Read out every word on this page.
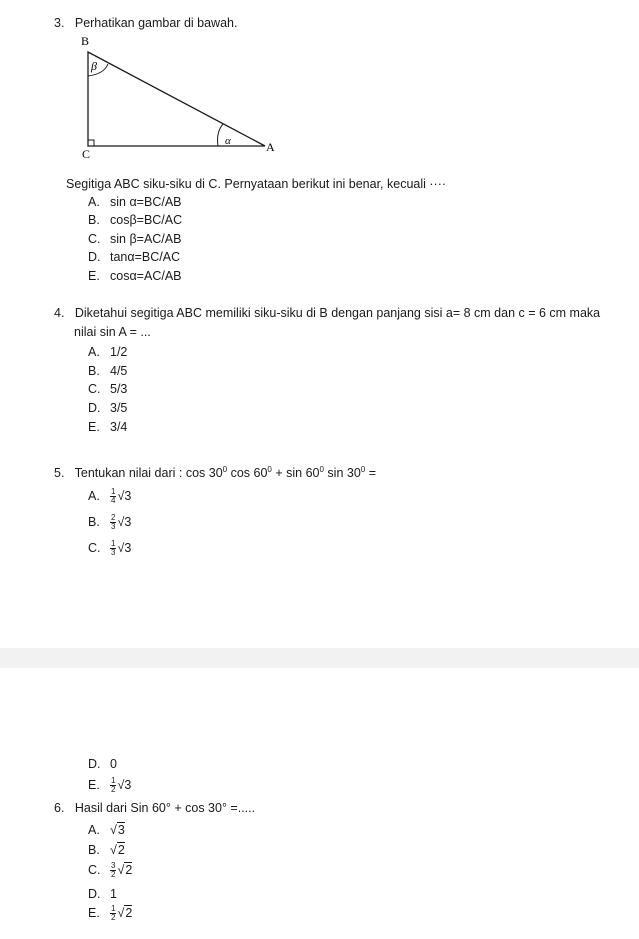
3. Perhatikan gambar di bawah.
B
C	A
β
α
Segitiga ABC siku-siku di C. Pernyataan berikut ini benar, kecuali ····
A. sin α=BC/AB
B. cosβ=BC/AC
C. sin β=AC/AB
D. tanα=BC/AC
E. cosα=AC/AB
4. Diketahui segitiga ABC memiliki siku-siku di B dengan panjang sisi a= 8 cm dan c = 6 cm maka
nilai sin A = ...
A. 1/2
B. 4/5
C. 5/3
D. 3/5
E. 3/4
5. Tentukan nilai dari : $\cos 30^0$ $\cos 60^0 + \sin 60^0$ $\sin 30^0$ =
A. $\frac{1}{4} √3$
B. $\frac{2}{3} √3$
C. $\frac{1}{3} √3$
D. 0
E. $\frac{1}{2} √3$
6. Hasil dari Sin 60° + cos 30° =.....
A. √3
B. √2
C. $\frac{3}{2} √2$
D. 1
E. $\frac{1}{2} √2$
